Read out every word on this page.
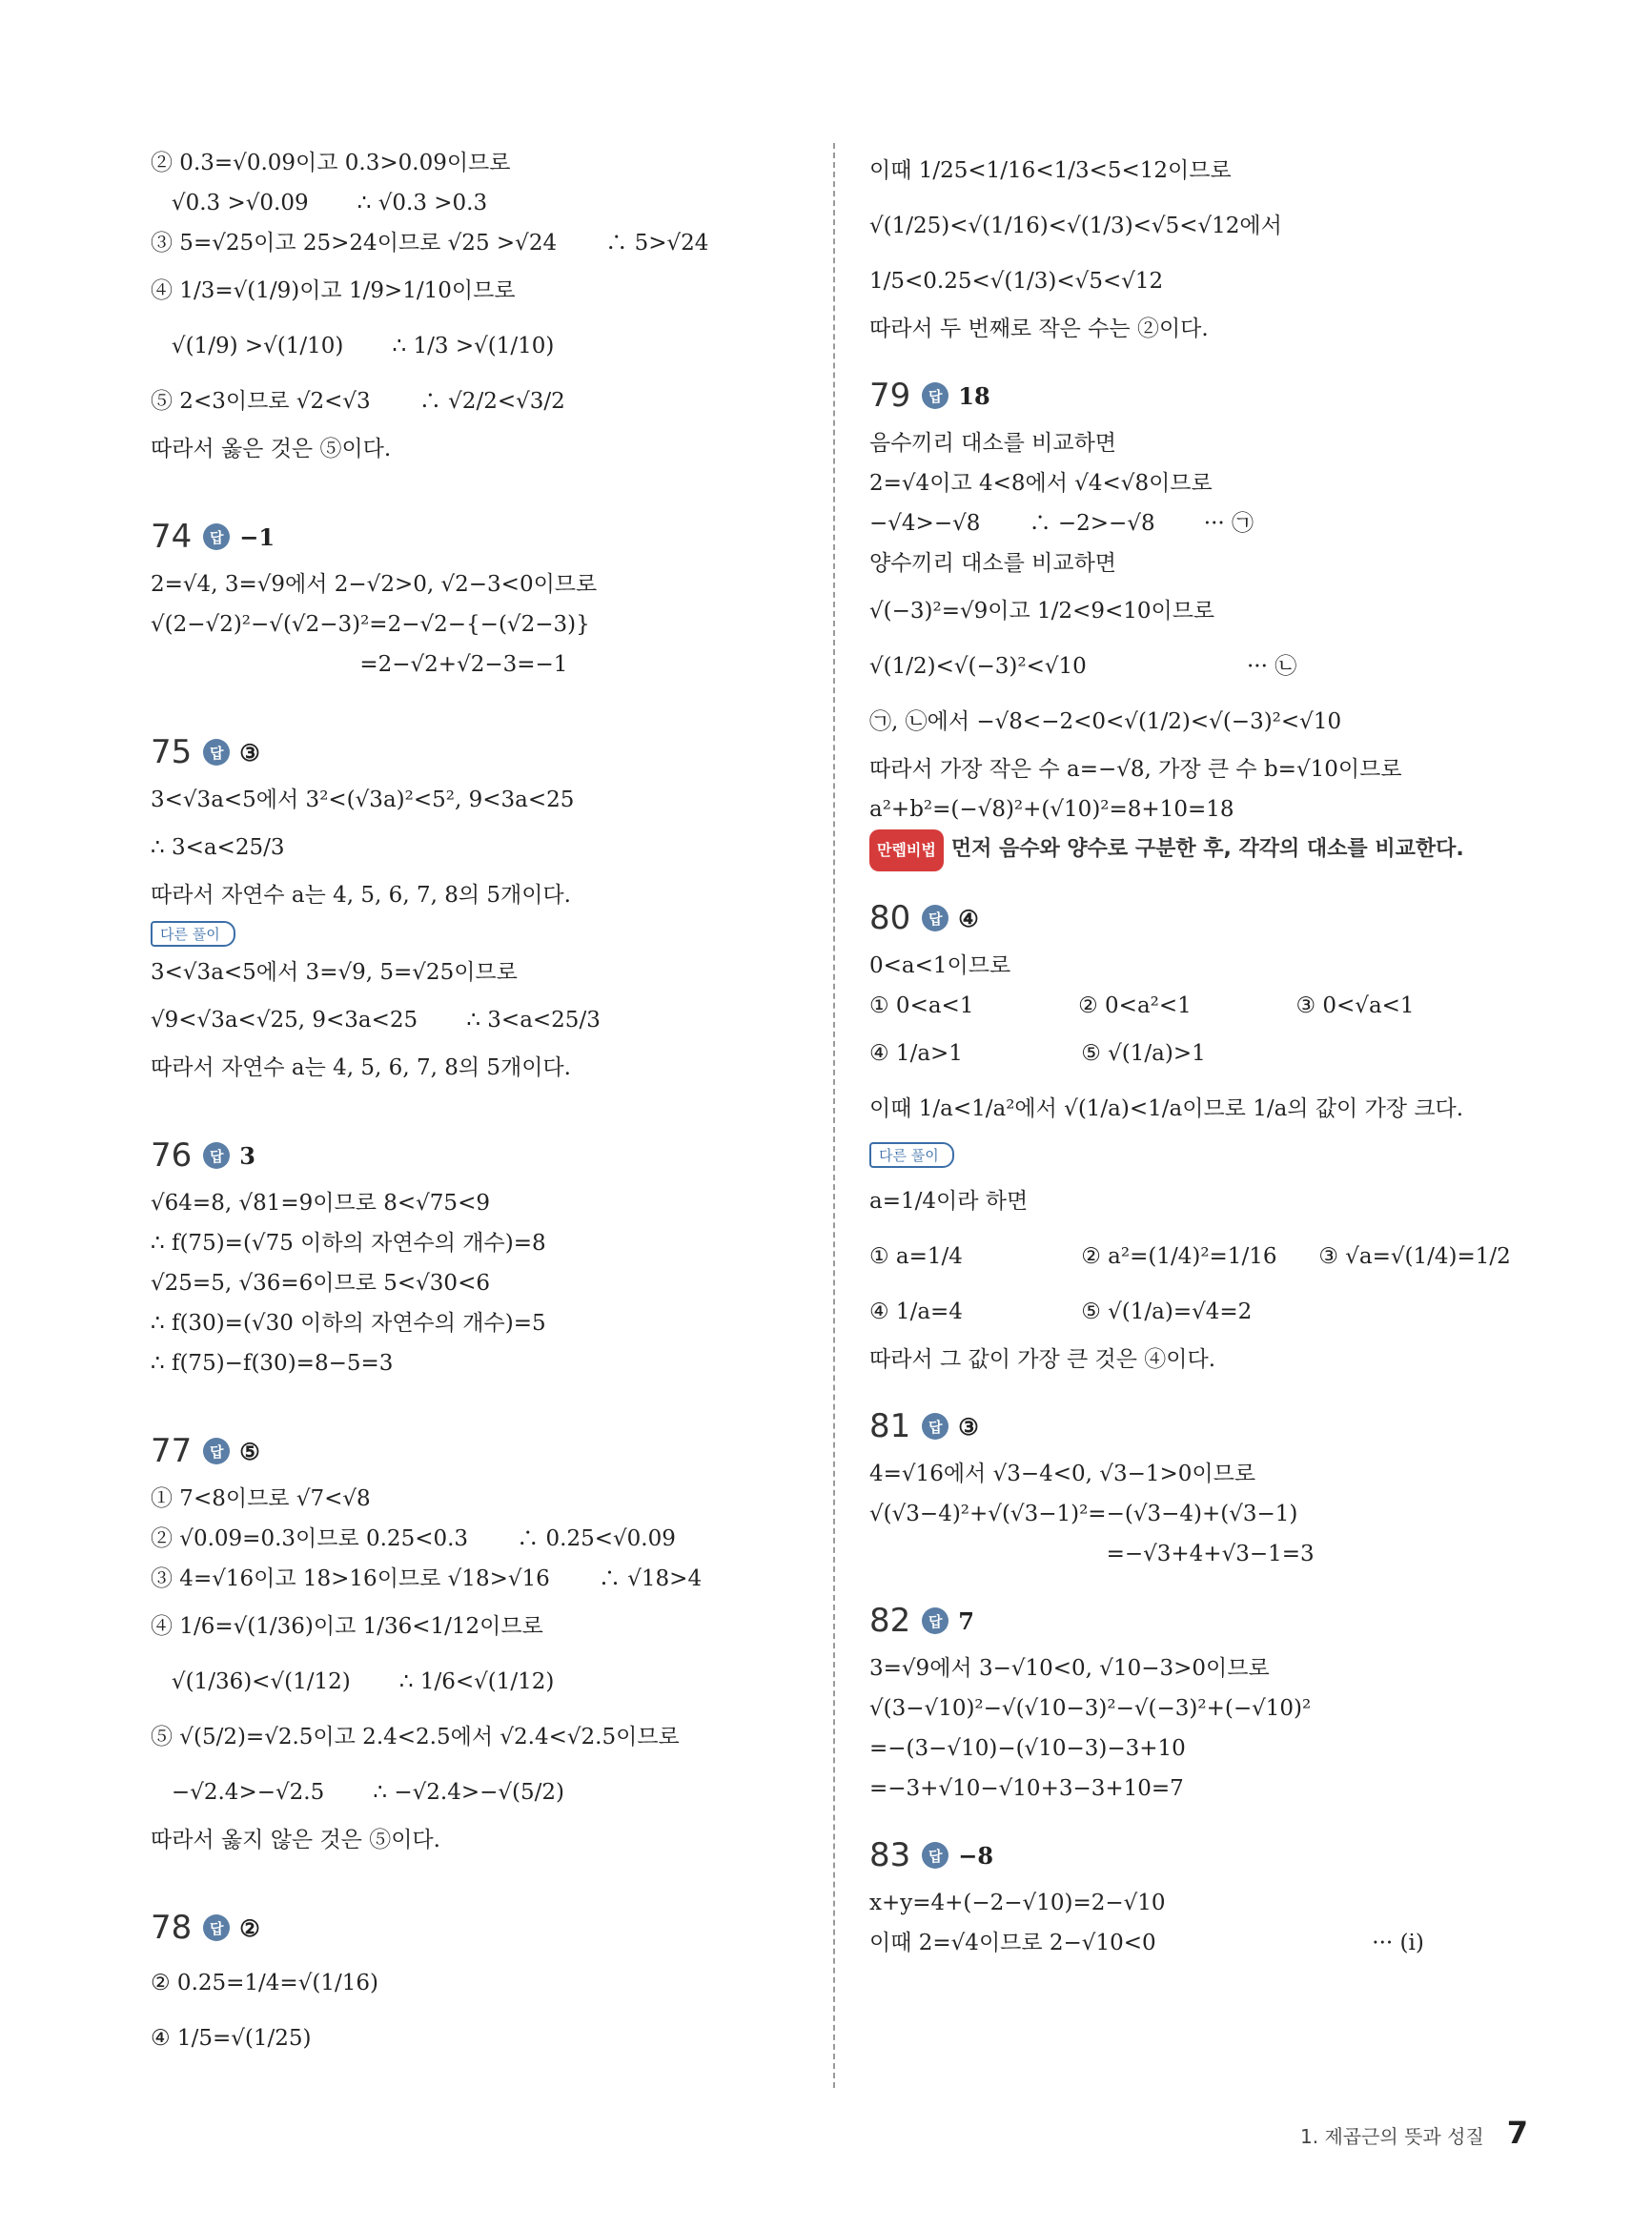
② 0.3=√0.09이고 0.3>0.09이므로

√0.3 >√0.09       ∴ √0.3 >0.3

③ 5=√25이고 25>24이므로 √25 >√24       ∴ 5>√24

④ 1/3=√(1/9)이고 1/9>1/10이므로

√(1/9) >√(1/10)       ∴ 1/3 >√(1/10)

⑤ 2<3이므로 √2<√3       ∴ √2/2<√3/2

따라서 옳은 것은 ⑤이다.

74	답 −1

2=√4, 3=√9에서 2−√2>0, √2−3<0이므로

√(2−√2)²−√(√2−3)²=2−√2−{−(√2−3)}

=2−√2+√2−3=−1

75	답 ③

3<√3a<5에서 3²<(√3a)²<5², 9<3a<25

∴ 3<a<25/3

따라서 자연수 a는 4, 5, 6, 7, 8의 5개이다.

다른 풀이

3<√3a<5에서 3=√9, 5=√25이므로

√9<√3a<√25, 9<3a<25       ∴ 3<a<25/3

따라서 자연수 a는 4, 5, 6, 7, 8의 5개이다.

76	답 3

√64=8, √81=9이므로 8<√75<9

∴ f(75)=(√75 이하의 자연수의 개수)=8

√25=5, √36=6이므로 5<√30<6

∴ f(30)=(√30 이하의 자연수의 개수)=5

∴ f(75)−f(30)=8−5=3

77	답 ⑤

① 7<8이므로 √7<√8

② √0.09=0.3이므로 0.25<0.3       ∴ 0.25<√0.09

③ 4=√16이고 18>16이므로 √18>√16       ∴ √18>4

④ 1/6=√(1/36)이고 1/36<1/12이므로

√(1/36)<√(1/12)       ∴ 1/6<√(1/12)

⑤ √(5/2)=√2.5이고 2.4<2.5에서 √2.4<√2.5이므로

−√2.4>−√2.5       ∴ −√2.4>−√(5/2)

따라서 옳지 않은 것은 ⑤이다.

78	답 ②

② 0.25=1/4=√(1/16)

④ 1/5=√(1/25)

이때 1/25<1/16<1/3<5<12이므로

√(1/25)<√(1/16)<√(1/3)<√5<√12에서

1/5<0.25<√(1/3)<√5<√12

따라서 두 번째로 작은 수는 ②이다.

79	답 18

음수끼리 대소를 비교하면

2=√4이고 4<8에서 √4<√8이므로

−√4>−√8       ∴ −2>−√8       ··· ㉠

양수끼리 대소를 비교하면

√(−3)²=√9이고 1/2<9<10이므로

√(1/2)<√(−3)²<√10                       ··· ㉡

㉠, ㉡에서 −√8<−2<0<√(1/2)<√(−3)²<√10

따라서 가장 작은 수 a=−√8, 가장 큰 수 b=√10이므로

a²+b²=(−√8)²+(√10)²=8+10=18

만렙비법 먼저 음수와 양수로 구분한 후, 각각의 대소를 비교한다.
80	답 ④

0<a<1이므로

① 0<a<1               ② 0<a²<1               ③ 0<√a<1

④ 1/a>1                 ⑤ √(1/a)>1

이때 1/a<1/a²에서 √(1/a)<1/a이므로 1/a의 값이 가장 크다.

다른 풀이

a=1/4이라 하면

① a=1/4                 ② a²=(1/4)²=1/16      ③ √a=√(1/4)=1/2

④ 1/a=4                 ⑤ √(1/a)=√4=2

따라서 그 값이 가장 큰 것은 ④이다.

81	답 ③

4=√16에서 √3−4<0, √3−1>0이므로

√(√3−4)²+√(√3−1)²=−(√3−4)+(√3−1)

=−√3+4+√3−1=3

82	답 7

3=√9에서 3−√10<0, √10−3>0이므로

√(3−√10)²−√(√10−3)²−√(−3)²+(−√10)²

=−(3−√10)−(√10−3)−3+10

=−3+√10−√10+3−3+10=7

83	답 −8

x+y=4+(−2−√10)=2−√10

이때 2=√4이므로 2−√10<0                               ··· (i)

1. 제곱근의 뜻과 성질 7
